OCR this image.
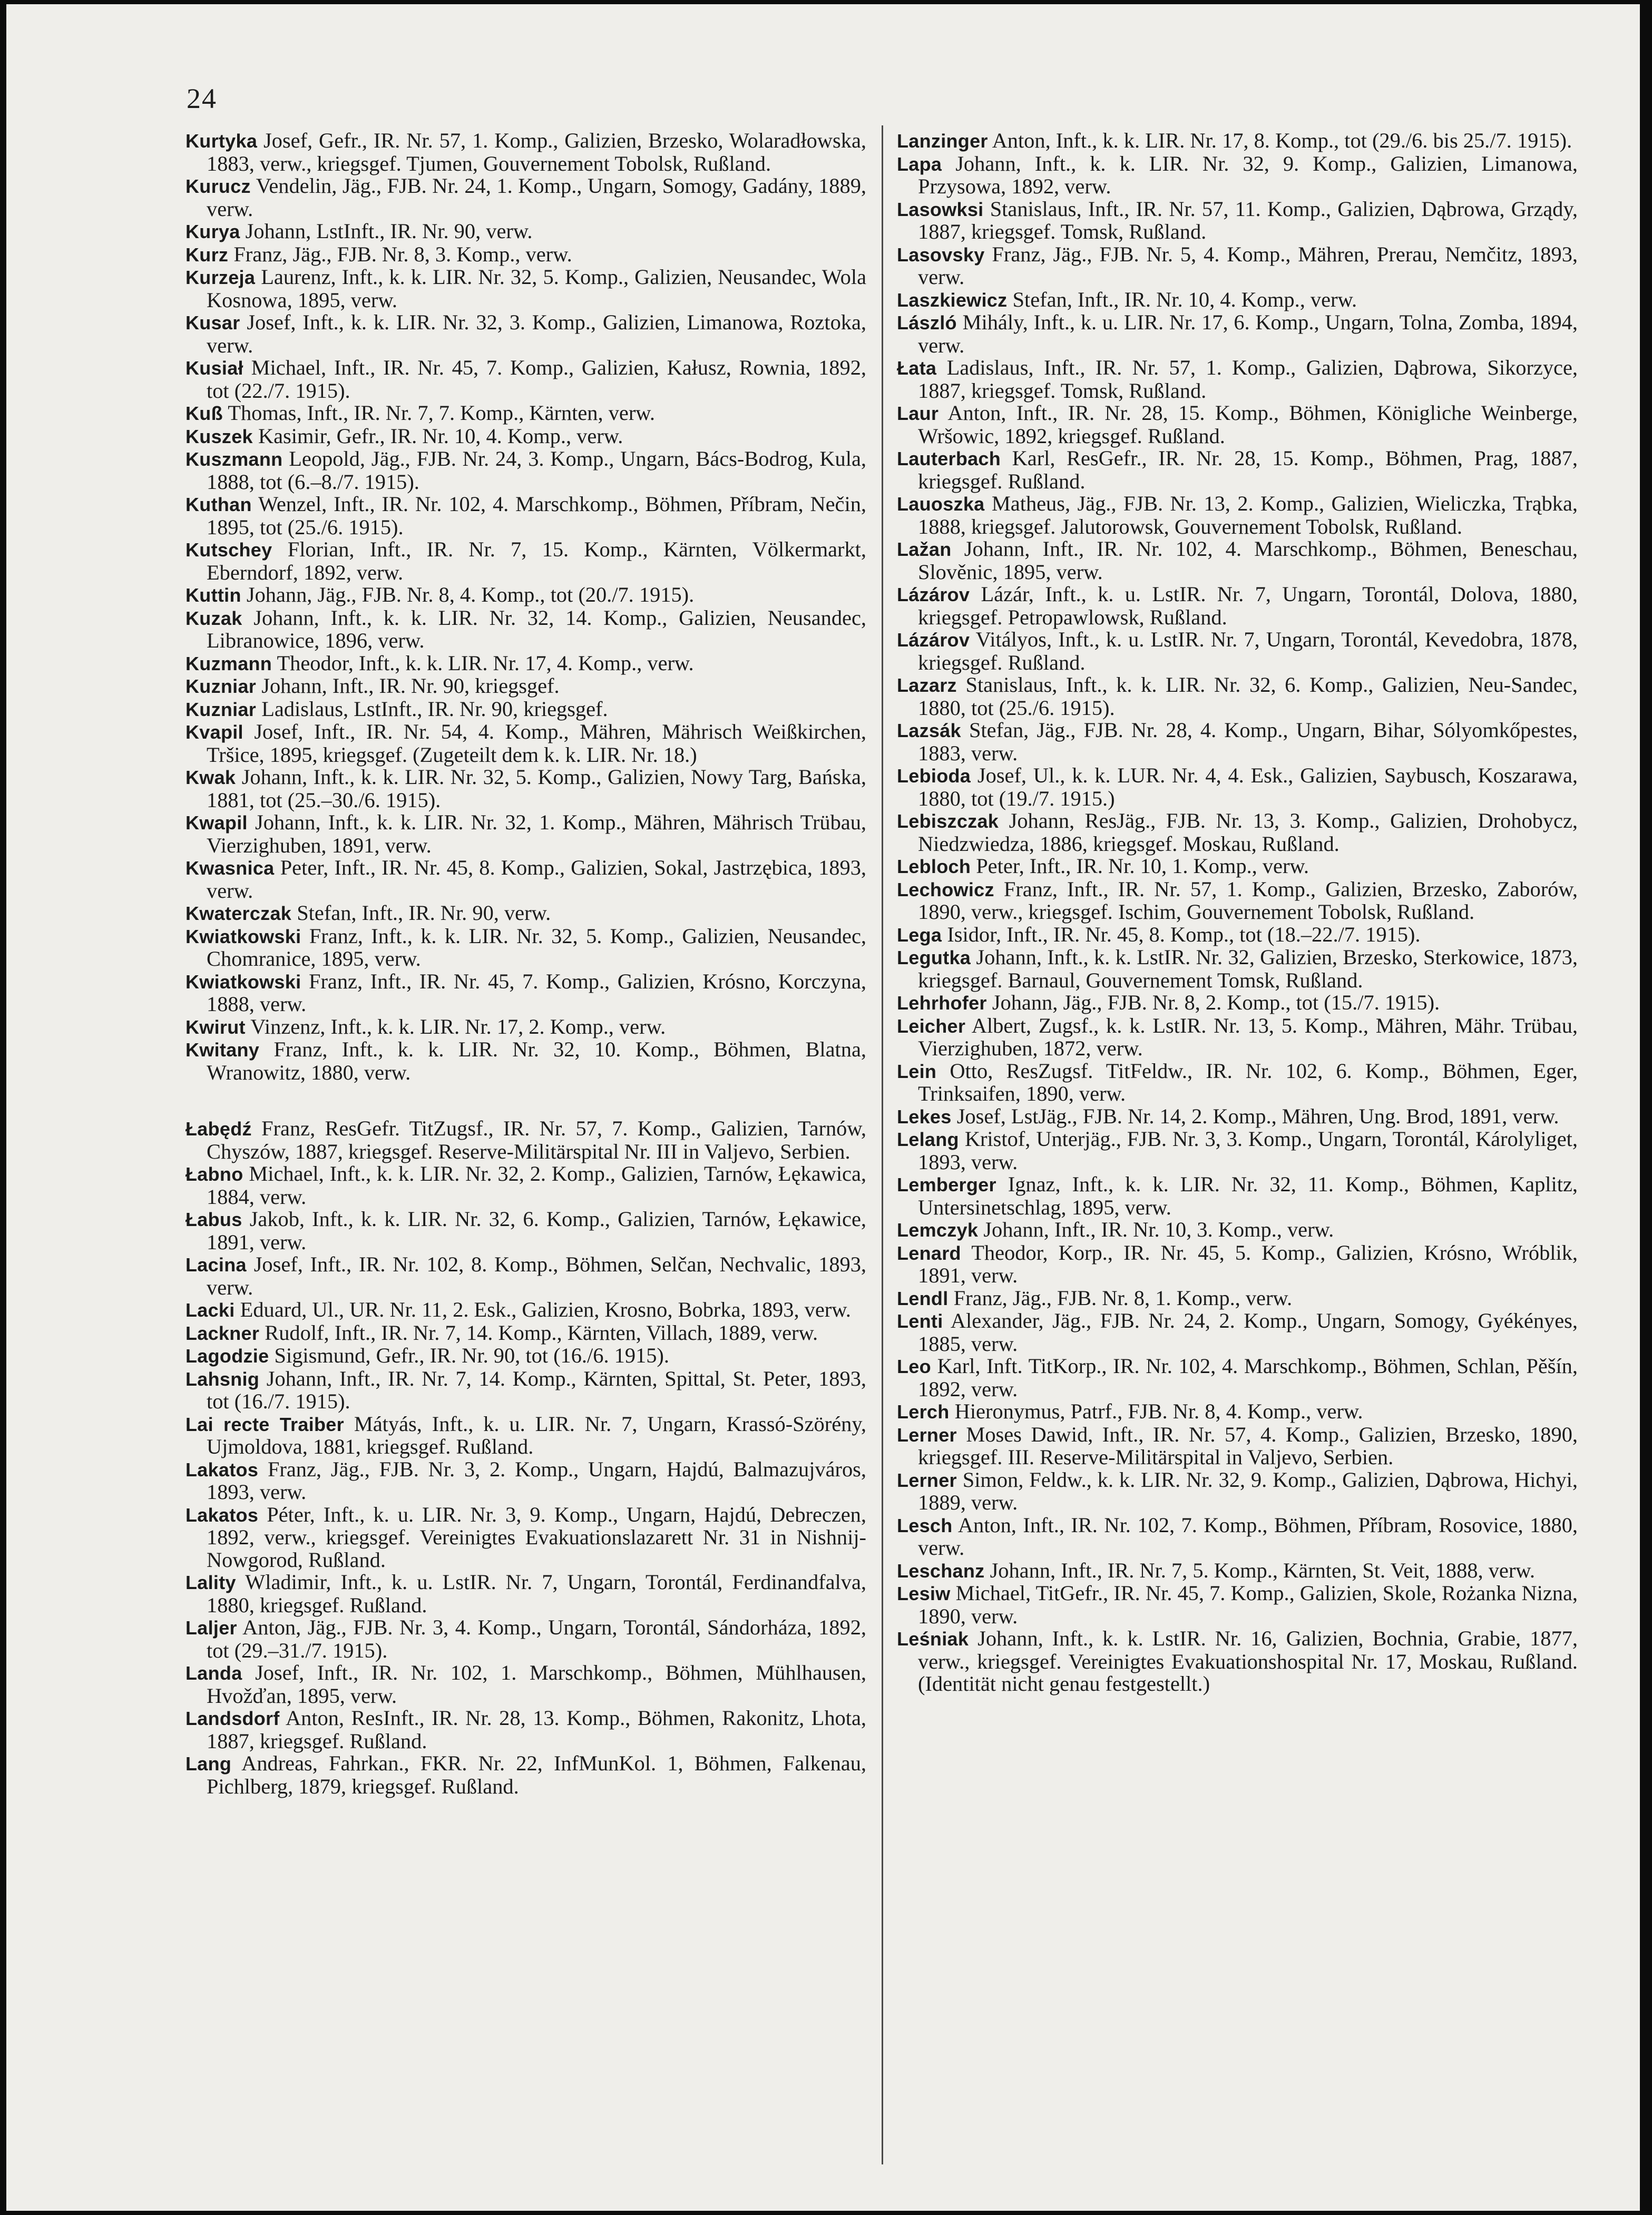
24

Kurtyka Josef, Gefr., IR. Nr. 57, 1. Komp., Galizien, Brzesko, Wolaradłowska, 1883, verw., kriegsgef. Tjumen, Gouvernement Tobolsk, Rußland.

Kurucz Vendelin, Jäg., FJB. Nr. 24, 1. Komp., Ungarn, Somogy, Gadány, 1889, verw.

Kurya Johann, LstInft., IR. Nr. 90, verw.

Kurz Franz, Jäg., FJB. Nr. 8, 3. Komp., verw.

Kurzeja Laurenz, Inft., k. k. LIR. Nr. 32, 5. Komp., Galizien, Neusandec, Wola Kosnowa, 1895, verw.

Kusar Josef, Inft., k. k. LIR. Nr. 32, 3. Komp., Galizien, Limanowa, Roztoka, verw.

Kusiał Michael, Inft., IR. Nr. 45, 7. Komp., Galizien, Kałusz, Rownia, 1892, tot (22./7. 1915).

Kuß Thomas, Inft., IR. Nr. 7, 7. Komp., Kärnten, verw.

Kuszek Kasimir, Gefr., IR. Nr. 10, 4. Komp., verw.

Kuszmann Leopold, Jäg., FJB. Nr. 24, 3. Komp., Ungarn, Bács-Bodrog, Kula, 1888, tot (6.–8./7. 1915).

Kuthan Wenzel, Inft., IR. Nr. 102, 4. Marschkomp., Böhmen, Příbram, Nečin, 1895, tot (25./6. 1915).

Kutschey Florian, Inft., IR. Nr. 7, 15. Komp., Kärnten, Völkermarkt, Eberndorf, 1892, verw.

Kuttin Johann, Jäg., FJB. Nr. 8, 4. Komp., tot (20./7. 1915).

Kuzak Johann, Inft., k. k. LIR. Nr. 32, 14. Komp., Galizien, Neusandec, Libranowice, 1896, verw.

Kuzmann Theodor, Inft., k. k. LIR. Nr. 17, 4. Komp., verw.

Kuzniar Johann, Inft., IR. Nr. 90, kriegsgef.

Kuzniar Ladislaus, LstInft., IR. Nr. 90, kriegsgef.

Kvapil Josef, Inft., IR. Nr. 54, 4. Komp., Mähren, Mährisch Weißkirchen, Tršice, 1895, kriegsgef. (Zugeteilt dem k. k. LIR. Nr. 18.)

Kwak Johann, Inft., k. k. LIR. Nr. 32, 5. Komp., Galizien, Nowy Targ, Bańska, 1881, tot (25.–30./6. 1915).

Kwapil Johann, Inft., k. k. LIR. Nr. 32, 1. Komp., Mähren, Mährisch Trübau, Vierzighuben, 1891, verw.

Kwasnica Peter, Inft., IR. Nr. 45, 8. Komp., Galizien, Sokal, Jastrzębica, 1893, verw.

Kwaterczak Stefan, Inft., IR. Nr. 90, verw.

Kwiatkowski Franz, Inft., k. k. LIR. Nr. 32, 5. Komp., Galizien, Neusandec, Chomranice, 1895, verw.

Kwiatkowski Franz, Inft., IR. Nr. 45, 7. Komp., Galizien, Krósno, Korczyna, 1888, verw.

Kwirut Vinzenz, Inft., k. k. LIR. Nr. 17, 2. Komp., verw.

Kwitany Franz, Inft., k. k. LIR. Nr. 32, 10. Komp., Böhmen, Blatna, Wranowitz, 1880, verw.

Łabędź Franz, ResGefr. TitZugsf., IR. Nr. 57, 7. Komp., Galizien, Tarnów, Chyszów, 1887, kriegsgef. Reserve-Militärspital Nr. III in Valjevo, Serbien.

Łabno Michael, Inft., k. k. LIR. Nr. 32, 2. Komp., Galizien, Tarnów, Łękawica, 1884, verw.

Łabus Jakob, Inft., k. k. LIR. Nr. 32, 6. Komp., Galizien, Tarnów, Łękawice, 1891, verw.

Lacina Josef, Inft., IR. Nr. 102, 8. Komp., Böhmen, Selčan, Nechvalic, 1893, verw.

Lacki Eduard, Ul., UR. Nr. 11, 2. Esk., Galizien, Krosno, Bobrka, 1893, verw.

Lackner Rudolf, Inft., IR. Nr. 7, 14. Komp., Kärnten, Villach, 1889, verw.

Lagodzie Sigismund, Gefr., IR. Nr. 90, tot (16./6. 1915).

Lahsnig Johann, Inft., IR. Nr. 7, 14. Komp., Kärnten, Spittal, St. Peter, 1893, tot (16./7. 1915).

Lai recte Traiber Mátyás, Inft., k. u. LIR. Nr. 7, Ungarn, Krassó-Szörény, Ujmoldova, 1881, kriegsgef. Rußland.

Lakatos Franz, Jäg., FJB. Nr. 3, 2. Komp., Ungarn, Hajdú, Balmazujváros, 1893, verw.

Lakatos Péter, Inft., k. u. LIR. Nr. 3, 9. Komp., Ungarn, Hajdú, Debreczen, 1892, verw., kriegsgef. Vereinigtes Evakuationslazarett Nr. 31 in Nishnij-Nowgorod, Rußland.

Lality Wladimir, Inft., k. u. LstIR. Nr. 7, Ungarn, Torontál, Ferdinandfalva, 1880, kriegsgef. Rußland.

Laljer Anton, Jäg., FJB. Nr. 3, 4. Komp., Ungarn, Torontál, Sándorháza, 1892, tot (29.–31./7. 1915).

Landa Josef, Inft., IR. Nr. 102, 1. Marschkomp., Böhmen, Mühlhausen, Hvožďan, 1895, verw.

Landsdorf Anton, ResInft., IR. Nr. 28, 13. Komp., Böhmen, Rakonitz, Lhota, 1887, kriegsgef. Rußland.

Lang Andreas, Fahrkan., FKR. Nr. 22, InfMunKol. 1, Böhmen, Falkenau, Pichlberg, 1879, kriegsgef. Rußland.

Lanzinger Anton, Inft., k. k. LIR. Nr. 17, 8. Komp., tot (29./6. bis 25./7. 1915).

Lapa Johann, Inft., k. k. LIR. Nr. 32, 9. Komp., Galizien, Limanowa, Przysowa, 1892, verw.

Lasowksi Stanislaus, Inft., IR. Nr. 57, 11. Komp., Galizien, Dąbrowa, Grządy, 1887, kriegsgef. Tomsk, Rußland.

Lasovsky Franz, Jäg., FJB. Nr. 5, 4. Komp., Mähren, Prerau, Nemčitz, 1893, verw.

Laszkiewicz Stefan, Inft., IR. Nr. 10, 4. Komp., verw.

László Mihály, Inft., k. u. LIR. Nr. 17, 6. Komp., Ungarn, Tolna, Zomba, 1894, verw.

Łata Ladislaus, Inft., IR. Nr. 57, 1. Komp., Galizien, Dąbrowa, Sikorzyce, 1887, kriegsgef. Tomsk, Rußland.

Laur Anton, Inft., IR. Nr. 28, 15. Komp., Böhmen, Königliche Weinberge, Wršowic, 1892, kriegsgef. Rußland.

Lauterbach Karl, ResGefr., IR. Nr. 28, 15. Komp., Böhmen, Prag, 1887, kriegsgef. Rußland.

Lauoszka Matheus, Jäg., FJB. Nr. 13, 2. Komp., Galizien, Wieliczka, Trąbka, 1888, kriegsgef. Jalutorowsk, Gouvernement Tobolsk, Rußland.

Lažan Johann, Inft., IR. Nr. 102, 4. Marschkomp., Böhmen, Beneschau, Slověnic, 1895, verw.

Lázárov Lázár, Inft., k. u. LstIR. Nr. 7, Ungarn, Torontál, Dolova, 1880, kriegsgef. Petropawlowsk, Rußland.

Lázárov Vitályos, Inft., k. u. LstIR. Nr. 7, Ungarn, Torontál, Kevedobra, 1878, kriegsgef. Rußland.

Lazarz Stanislaus, Inft., k. k. LIR. Nr. 32, 6. Komp., Galizien, Neu-Sandec, 1880, tot (25./6. 1915).

Lazsák Stefan, Jäg., FJB. Nr. 28, 4. Komp., Ungarn, Bihar, Sólyomkőpestes, 1883, verw.

Lebioda Josef, Ul., k. k. LUR. Nr. 4, 4. Esk., Galizien, Saybusch, Koszarawa, 1880, tot (19./7. 1915.)

Lebiszczak Johann, ResJäg., FJB. Nr. 13, 3. Komp., Galizien, Drohobycz, Niedzwiedza, 1886, kriegsgef. Moskau, Rußland.

Lebloch Peter, Inft., IR. Nr. 10, 1. Komp., verw.

Lechowicz Franz, Inft., IR. Nr. 57, 1. Komp., Galizien, Brzesko, Zaborów, 1890, verw., kriegsgef. Ischim, Gouvernement Tobolsk, Rußland.

Lega Isidor, Inft., IR. Nr. 45, 8. Komp., tot (18.–22./7. 1915).

Legutka Johann, Inft., k. k. LstIR. Nr. 32, Galizien, Brzesko, Sterkowice, 1873, kriegsgef. Barnaul, Gouvernement Tomsk, Rußland.

Lehrhofer Johann, Jäg., FJB. Nr. 8, 2. Komp., tot (15./7. 1915).

Leicher Albert, Zugsf., k. k. LstIR. Nr. 13, 5. Komp., Mähren, Mähr. Trübau, Vierzighuben, 1872, verw.

Lein Otto, ResZugsf. TitFeldw., IR. Nr. 102, 6. Komp., Böhmen, Eger, Trinksaifen, 1890, verw.

Lekes Josef, LstJäg., FJB. Nr. 14, 2. Komp., Mähren, Ung. Brod, 1891, verw.

Lelang Kristof, Unterjäg., FJB. Nr. 3, 3. Komp., Ungarn, Torontál, Károlyliget, 1893, verw.

Lemberger Ignaz, Inft., k. k. LIR. Nr. 32, 11. Komp., Böhmen, Kaplitz, Untersinetschlag, 1895, verw.

Lemczyk Johann, Inft., IR. Nr. 10, 3. Komp., verw.

Lenard Theodor, Korp., IR. Nr. 45, 5. Komp., Galizien, Krósno, Wróblik, 1891, verw.

Lendl Franz, Jäg., FJB. Nr. 8, 1. Komp., verw.

Lenti Alexander, Jäg., FJB. Nr. 24, 2. Komp., Ungarn, Somogy, Gyékényes, 1885, verw.

Leo Karl, Inft. TitKorp., IR. Nr. 102, 4. Marschkomp., Böhmen, Schlan, Pěšín, 1892, verw.

Lerch Hieronymus, Patrf., FJB. Nr. 8, 4. Komp., verw.

Lerner Moses Dawid, Inft., IR. Nr. 57, 4. Komp., Galizien, Brzesko, 1890, kriegsgef. III. Reserve-Militärspital in Valjevo, Serbien.

Lerner Simon, Feldw., k. k. LIR. Nr. 32, 9. Komp., Galizien, Dąbrowa, Hichyi, 1889, verw.

Lesch Anton, Inft., IR. Nr. 102, 7. Komp., Böhmen, Příbram, Rosovice, 1880, verw.

Leschanz Johann, Inft., IR. Nr. 7, 5. Komp., Kärnten, St. Veit, 1888, verw.

Lesiw Michael, TitGefr., IR. Nr. 45, 7. Komp., Galizien, Skole, Rożanka Nizna, 1890, verw.

Leśniak Johann, Inft., k. k. LstIR. Nr. 16, Galizien, Bochnia, Grabie, 1877, verw., kriegsgef. Vereinigtes Evakuationshospital Nr. 17, Moskau, Rußland. (Identität nicht genau festgestellt.)
